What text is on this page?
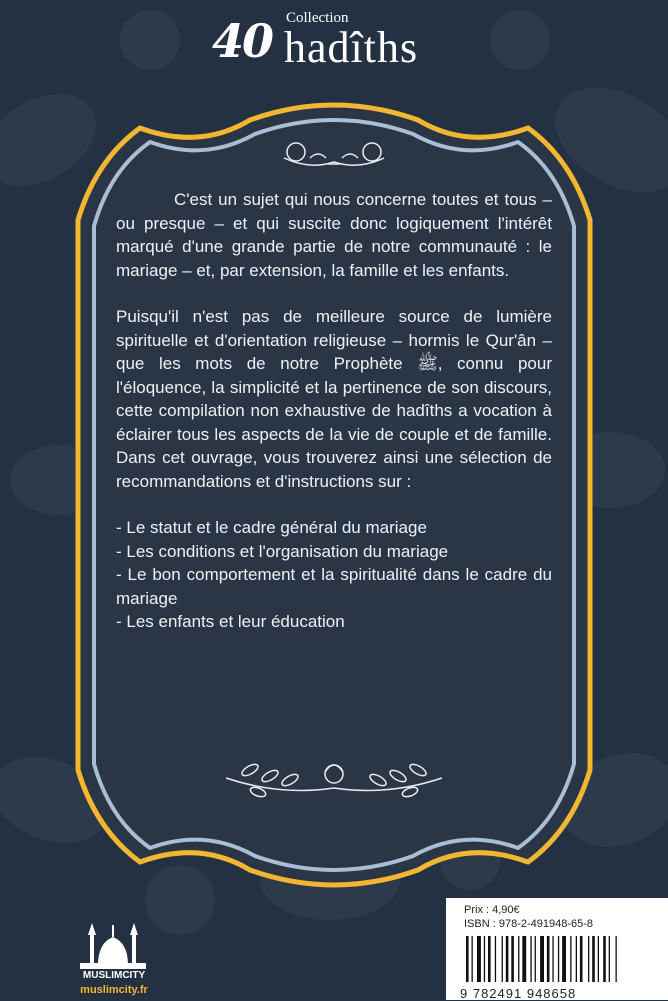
40 Collection
hadîths

C'est un sujet qui nous concerne toutes et tous – ou presque – et qui suscite donc logiquement l'intérêt marqué d'une grande partie de notre communauté : le mariage – et, par extension, la famille et les enfants.

Puisqu'il n'est pas de meilleure source de lumière spirituelle et d'orientation religieuse – hormis le Qur'ân – que les mots de notre Prophète ﷺ, connu pour l'éloquence, la simplicité et la pertinence de son discours, cette compilation non exhaustive de hadîths a vocation à éclairer tous les aspects de la vie de couple et de famille. Dans cet ouvrage, vous trouverez ainsi une sélection de recommandations et d'instructions sur :

- Le statut et le cadre général du mariage

- Les conditions et l'organisation du mariage

- Le bon comportement et la spiritualité dans le cadre du mariage

- Les enfants et leur éducation

MUSLIMCITY
muslimcity.fr
Prix : 4,90€
ISBN : 978-2-491948-65-8
9 782491 948658
